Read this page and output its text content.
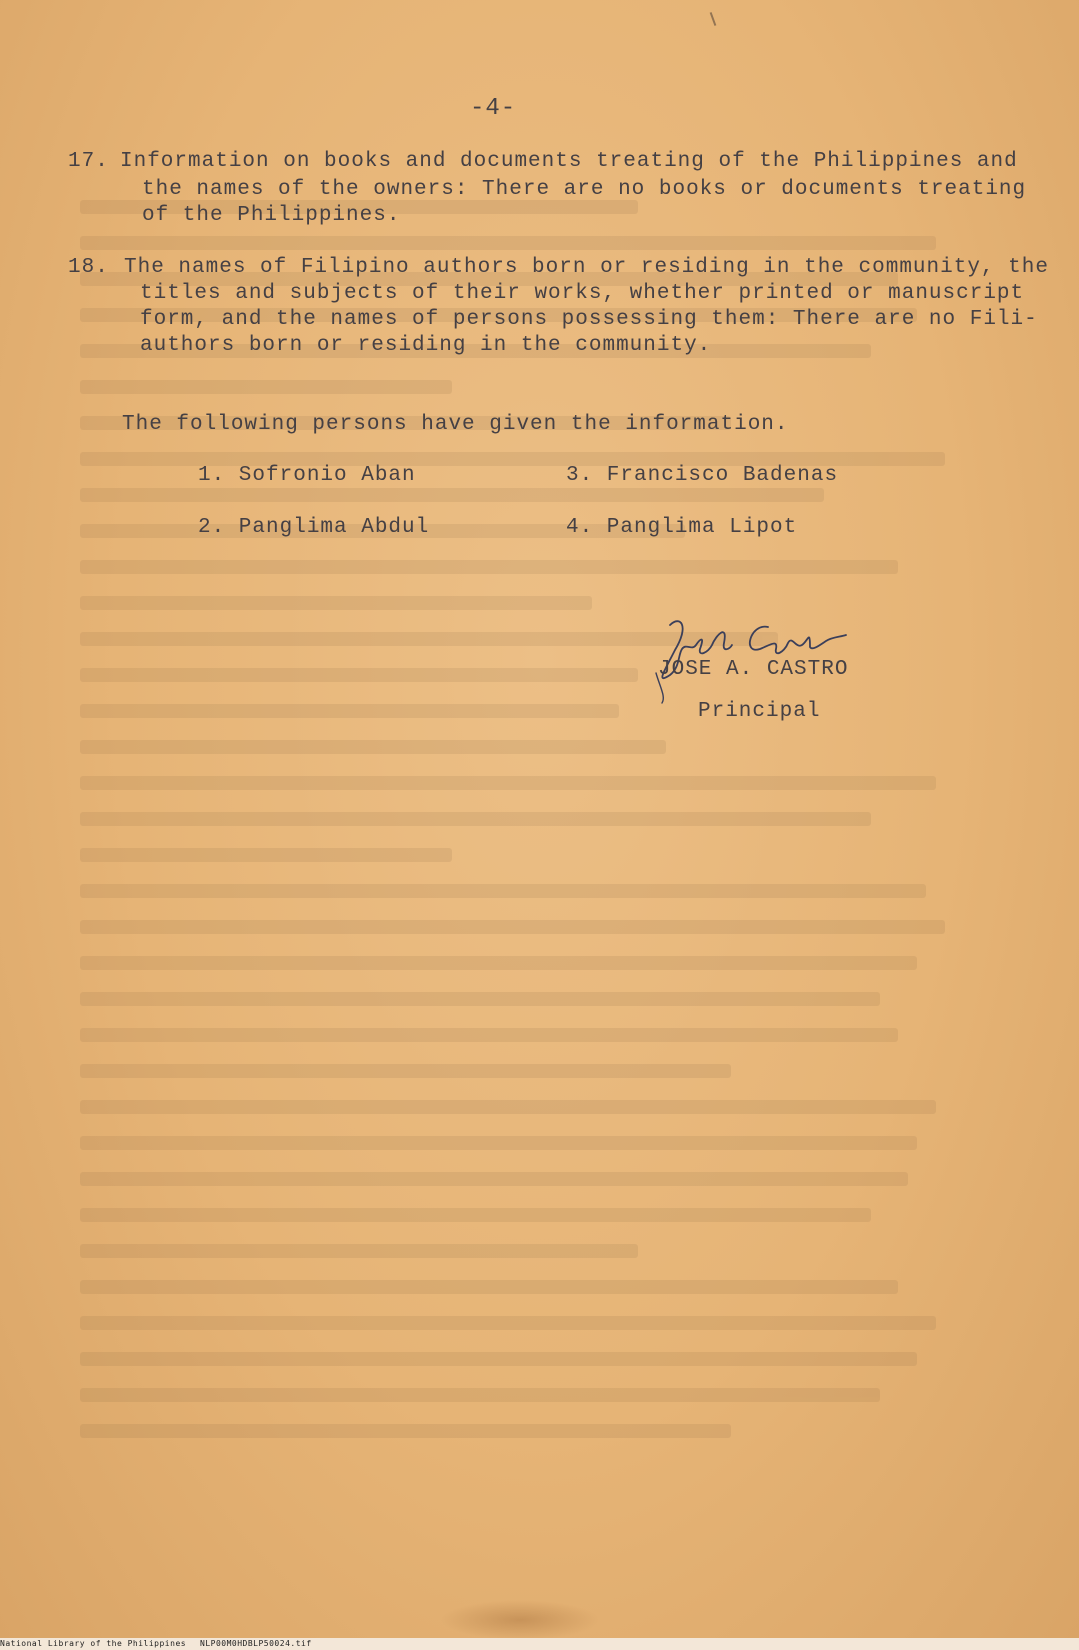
-4-
17. Information on books and documents treating of the Philippines and
the names of the owners: There are no books or documents treating
of the Philippines.
18. The names of Filipino authors born or residing in the community, the
titles and subjects of their works, whether printed or manuscript
form, and the names of persons possessing them: There are no Fili-
authors born or residing in the community.
The following persons have given the information.
1. Sofronio Aban	3. Francisco Badenas
2. Panglima Abdul	4. Panglima Lipot
JOSE A. CASTRO
Principal
National Library of the Philippines NLP00M0HDBLP50024.tif
